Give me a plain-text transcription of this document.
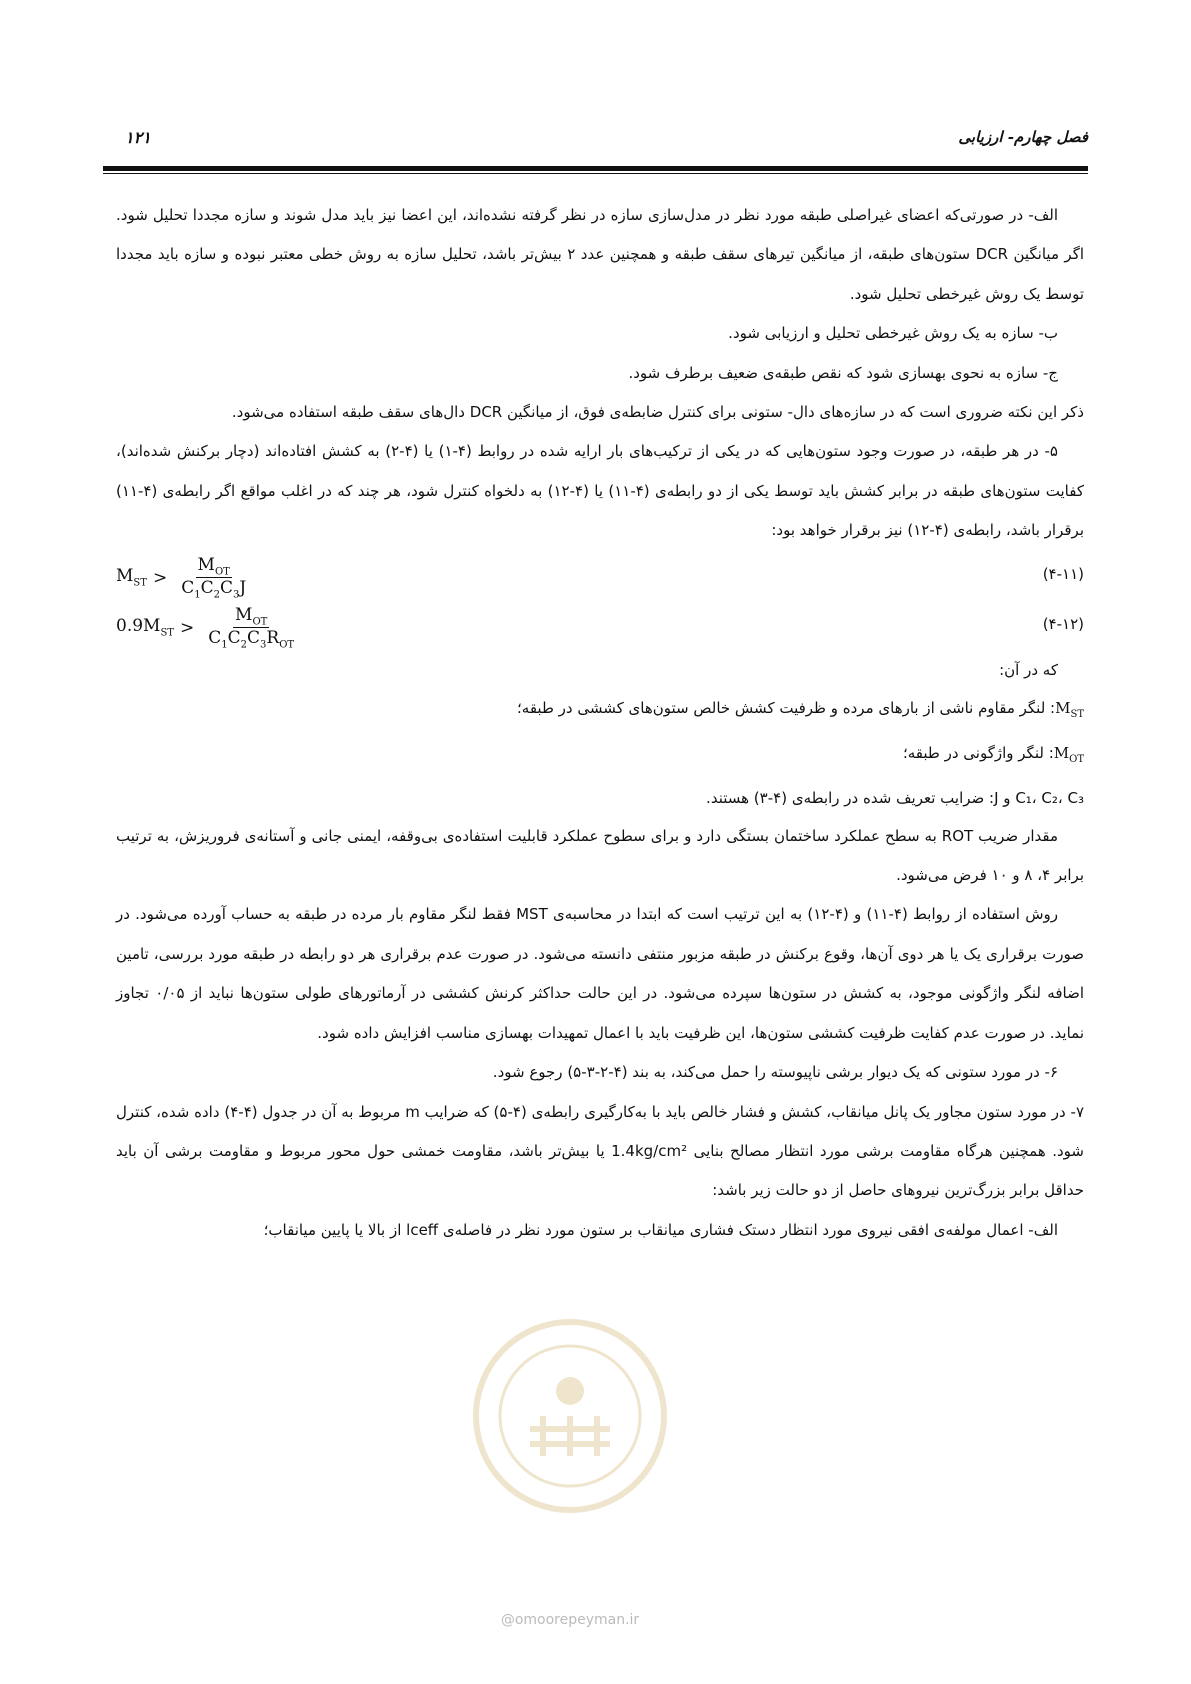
فصل چهارم- ارزیابی
۱۲۱

الف- در صورتی‌که اعضای غیراصلی طبقه مورد نظر در مدل‌سازی سازه در نظر گرفته نشده‌اند، این اعضا نیز باید مدل شوند و سازه مجددا تحلیل شود. اگر میانگین DCR ستون‌های طبقه، از میانگین تیرهای سقف طبقه و همچنین عدد ۲ بیش‌تر باشد، تحلیل سازه به روش خطی معتبر نبوده و سازه باید مجددا توسط یک روش غیرخطی تحلیل شود.

ب- سازه به یک روش غیرخطی تحلیل و ارزیابی شود.

ج- سازه به نحوی بهسازی شود که نقص طبقه‌ی ضعیف برطرف شود.

ذکر این نکته ضروری است که در سازه‌های دال- ستونی برای کنترل ضابطه‌ی فوق، از میانگین DCR دال‌های سقف طبقه استفاده می‌شود.

۵- در هر طبقه، در صورت وجود ستون‌هایی که در یکی از ترکیب‌های بار ارایه شده در روابط (۴-۱) یا (۴-۲) به کشش افتاده‌اند (دچار برکنش شده‌اند)، کفایت ستون‌های طبقه در برابر کشش باید توسط یکی از دو رابطه‌ی (۴-۱۱) یا (۴-۱۲) به دلخواه کنترل شود، هر چند که در اغلب مواقع اگر رابطه‌ی (۴-۱۱) برقرار باشد، رابطه‌ی (۴-۱۲) نیز برقرار خواهد بود:

$M_{ST} > \frac{M_{OT}}{C_1C_2C_3J}$	(۴-۱۱)
$0.9M_{ST} > \frac{M_{OT}}{C_1C_2C_3R_{OT}}$	(۴-۱۲)

که در آن:

$M_{ST}$: لنگر مقاوم ناشی از بارهای مرده و ظرفیت کشش خالص ستون‌های کششی در طبقه؛

$M_{OT}$: لنگر واژگونی در طبقه؛

C₁، C₂، C₃ و J: ضرایب تعریف شده در رابطه‌ی (۴-۳) هستند.

مقدار ضریب ROT به سطح عملکرد ساختمان بستگی دارد و برای سطوح عملکرد قابلیت استفاده‌ی بی‌وقفه، ایمنی جانی و آستانه‌ی فروریزش، به ترتیب برابر ۴، ۸ و ۱۰ فرض می‌شود.

روش استفاده از روابط (۴-۱۱) و (۴-۱۲) به این ترتیب است که ابتدا در محاسبه‌ی MST فقط لنگر مقاوم بار مرده در طبقه به حساب آورده می‌شود. در صورت برقراری یک یا هر دوی آن‌ها، وقوع برکنش در طبقه مزبور منتفی دانسته می‌شود. در صورت عدم برقراری هر دو رابطه در طبقه مورد بررسی، تامین اضافه لنگر واژگونی موجود، به کشش در ستون‌ها سپرده می‌شود. در این حالت حداکثر کرنش کششی در آرماتورهای طولی ستون‌ها نباید از ۰/۰۵ تجاوز نماید. در صورت عدم کفایت ظرفیت کششی ستون‌ها، این ظرفیت باید با اعمال تمهیدات بهسازی مناسب افزایش داده شود.

۶- در مورد ستونی که یک دیوار برشی ناپیوسته را حمل می‌کند، به بند (۴-۲-۳-۵) رجوع شود.

۷- در مورد ستون مجاور یک پانل میانقاب، کشش و فشار خالص باید با به‌کارگیری رابطه‌ی (۴-۵) که ضرایب m مربوط به آن در جدول (۴-۴) داده شده، کنترل شود. همچنین هرگاه مقاومت برشی مورد انتظار مصالح بنایی 1.4kg/cm² یا بیش‌تر باشد، مقاومت خمشی حول محور مربوط و مقاومت برشی آن باید حداقل برابر بزرگ‌ترین نیروهای حاصل از دو حالت زیر باشد:

الف- اعمال مولفه‌ی افقی نیروی مورد انتظار دستک فشاری میانقاب بر ستون مورد نظر در فاصله‌ی lceff از بالا یا پایین میانقاب؛

@omoorepeyman.ir
